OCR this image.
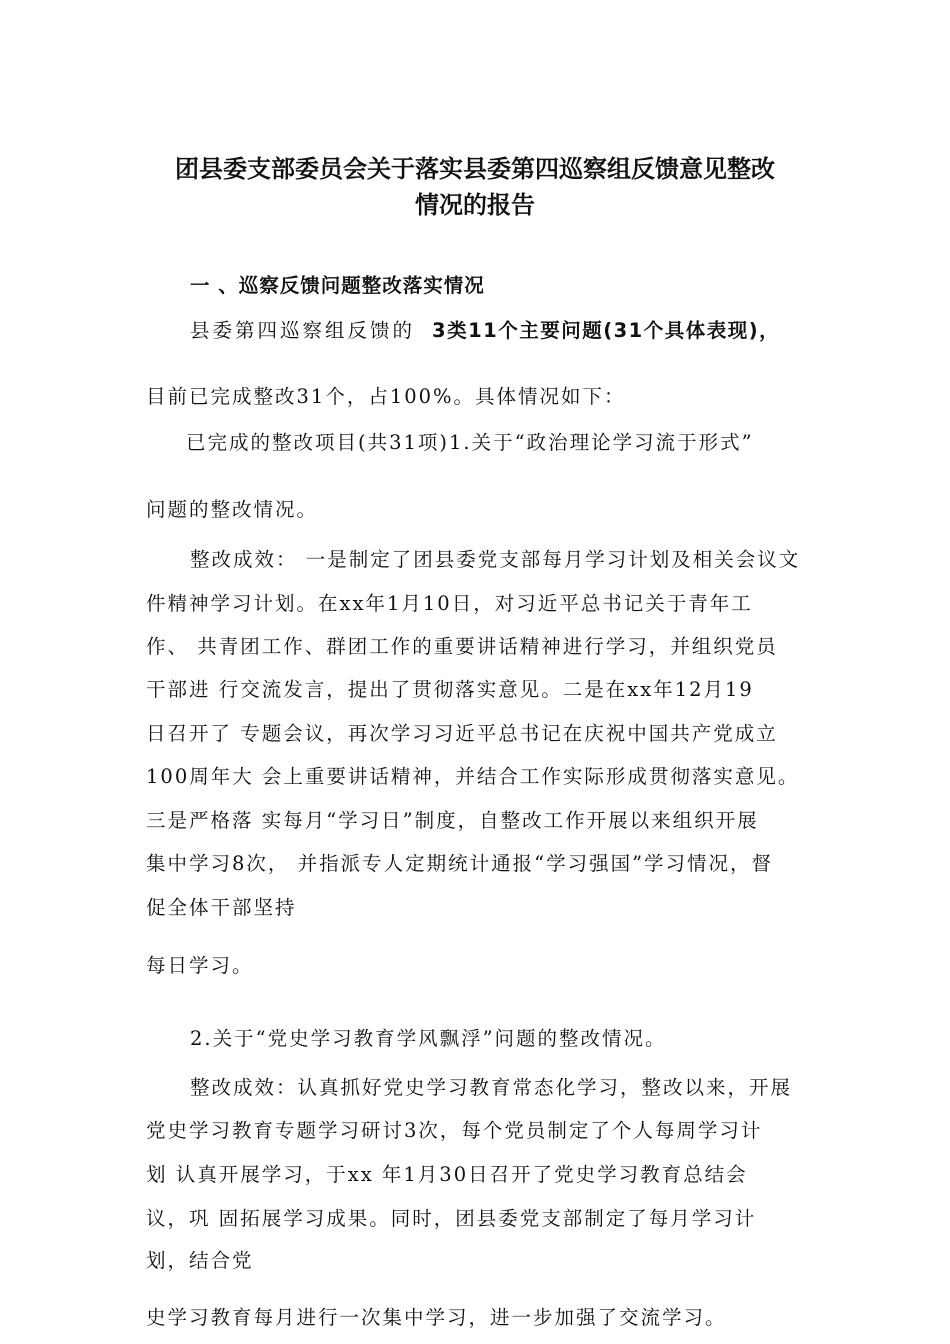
团县委支部委员会关于落实县委第四巡察组反馈意见整改
情况的报告
一 、巡察反馈问题整改落实情况
县委第四巡察组反馈的 3类11个主要问题(31个具体表现)，
目前已完成整改31个，占100%。具体情况如下：
已完成的整改项目(共31项)1.关于“政治理论学习流于形式”
问题的整改情况。
整改成效： 一是制定了团县委党支部每月学习计划及相关会议文
件精神学习计划。在xx年1月10日，对习近平总书记关于青年工
作、 共青团工作、群团工作的重要讲话精神进行学习，并组织党员
干部进 行交流发言，提出了贯彻落实意见。二是在xx年12月19
日召开了 专题会议，再次学习习近平总书记在庆祝中国共产党成立
100周年大 会上重要讲话精神，并结合工作实际形成贯彻落实意见。
三是严格落 实每月“学习日”制度，自整改工作开展以来组织开展
集中学习8次， 并指派专人定期统计通报“学习强国”学习情况，督
促全体干部坚持
每日学习。
2.关于“党史学习教育学风飘浮”问题的整改情况。
整改成效：认真抓好党史学习教育常态化学习，整改以来，开展
党史学习教育专题学习研讨3次，每个党员制定了个人每周学习计
划 认真开展学习，于xx 年1月30日召开了党史学习教育总结会
议，巩 固拓展学习成果。同时，团县委党支部制定了每月学习计
划，结合党
史学习教育每月进行一次集中学习，进一步加强了交流学习。
